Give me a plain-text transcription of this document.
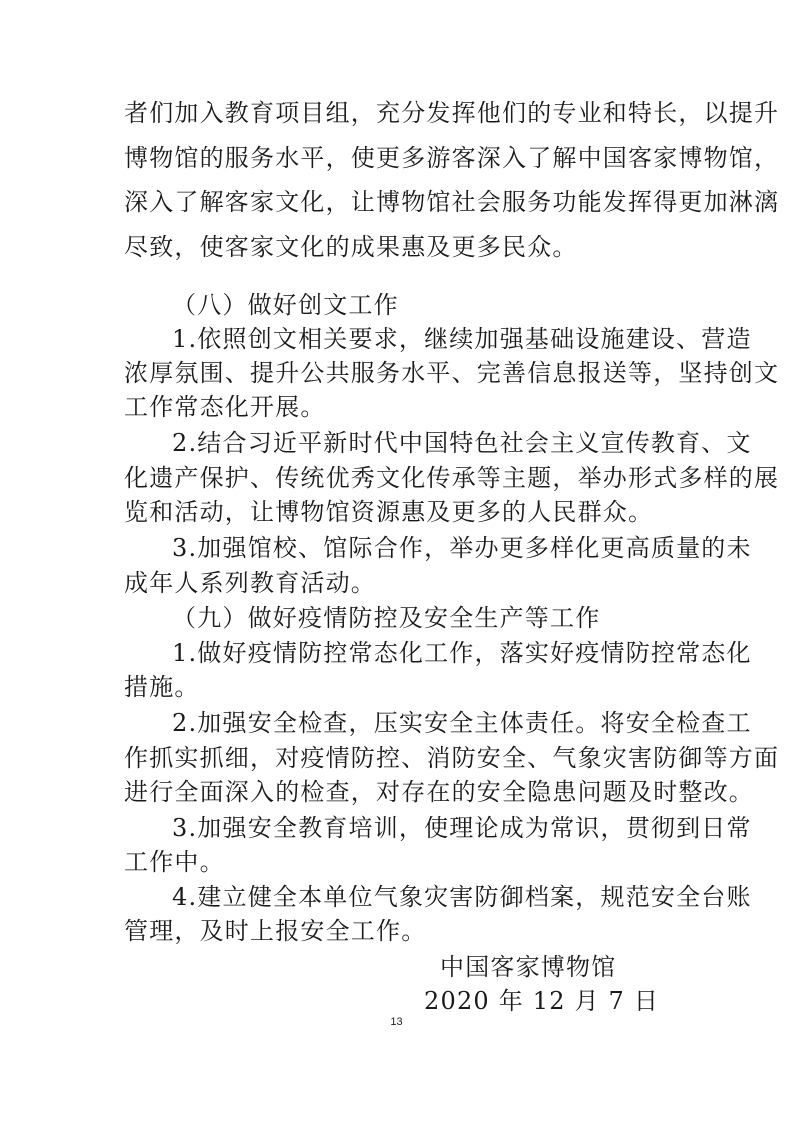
者们加入教育项目组，充分发挥他们的专业和特长，以提升
博物馆的服务水平，使更多游客深入了解中国客家博物馆，
深入了解客家文化，让博物馆社会服务功能发挥得更加淋漓
尽致，使客家文化的成果惠及更多民众。
（八）做好创文工作
1.依照创文相关要求，继续加强基础设施建设、营造
浓厚氛围、提升公共服务水平、完善信息报送等，坚持创文
工作常态化开展。
2.结合习近平新时代中国特色社会主义宣传教育、文
化遗产保护、传统优秀文化传承等主题，举办形式多样的展
览和活动，让博物馆资源惠及更多的人民群众。
3.加强馆校、馆际合作，举办更多样化更高质量的未
成年人系列教育活动。
（九）做好疫情防控及安全生产等工作
1.做好疫情防控常态化工作，落实好疫情防控常态化
措施。
2.加强安全检查，压实安全主体责任。将安全检查工
作抓实抓细，对疫情防控、消防安全、气象灾害防御等方面
进行全面深入的检查，对存在的安全隐患问题及时整改。
3.加强安全教育培训，使理论成为常识，贯彻到日常
工作中。
4.建立健全本单位气象灾害防御档案，规范安全台账
管理，及时上报安全工作。
中国客家博物馆
2020 年 12 月 7 日
13
